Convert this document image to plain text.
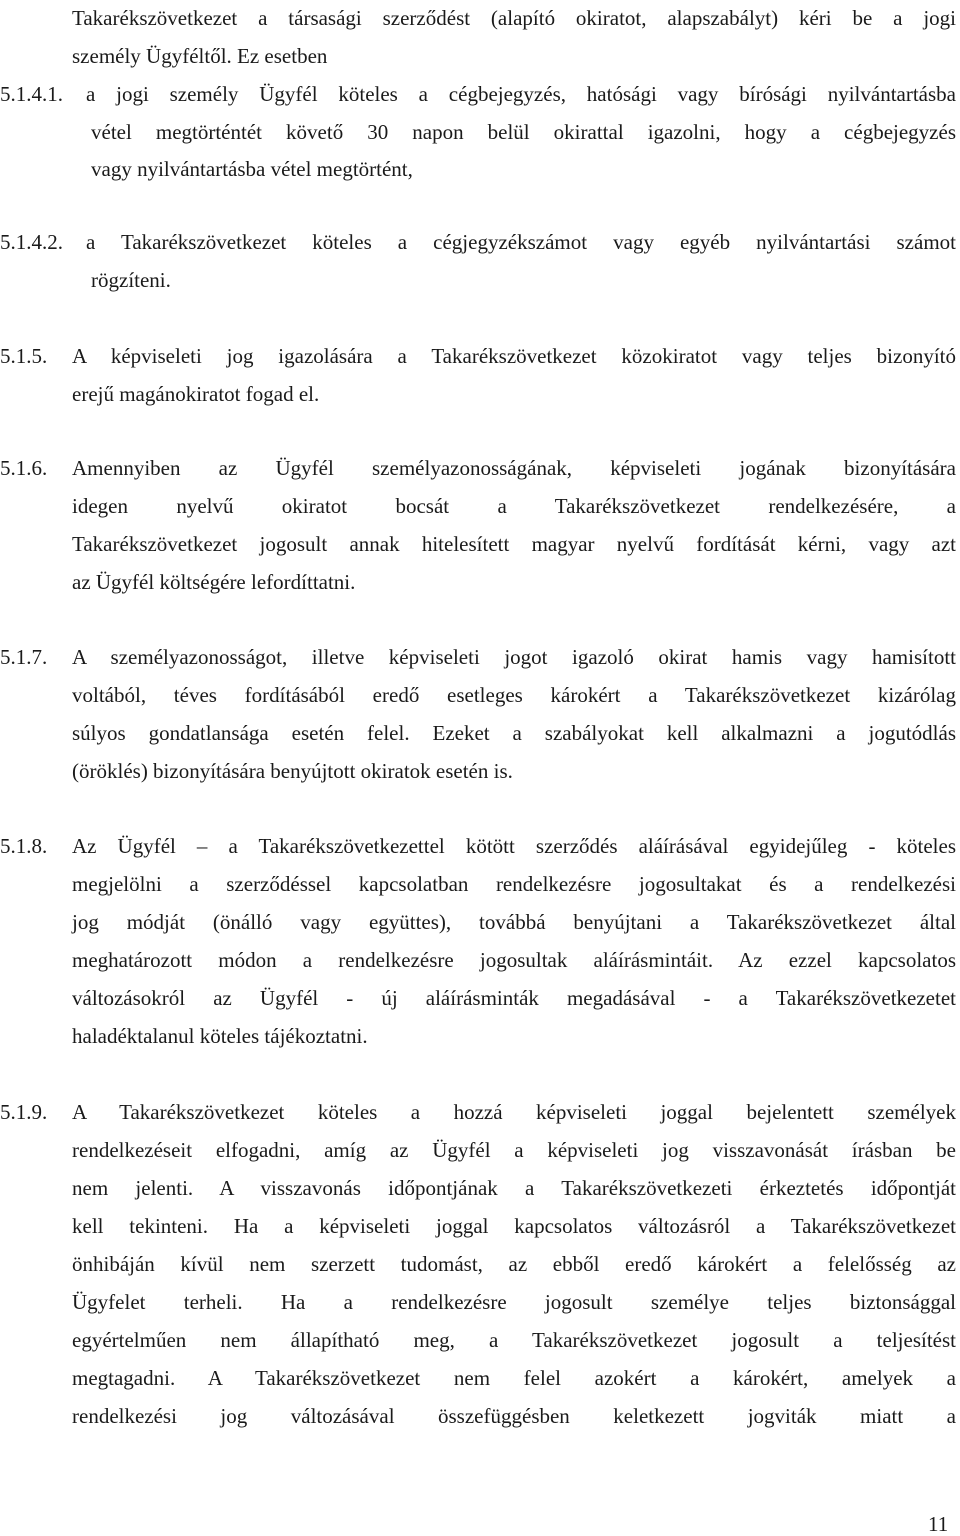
Takarékszövetkezet a társasági szerződést (alapító okiratot, alapszabályt) kéri be a jogi
személy Ügyféltől. Ez esetben
5.1.4.1. a jogi személy Ügyfél köteles a cégbejegyzés, hatósági vagy bírósági nyilvántartásba
vétel megtörténtét követő 30 napon belül okirattal igazolni, hogy a cégbejegyzés
vagy nyilvántartásba vétel megtörtént,
5.1.4.2. a Takarékszövetkezet köteles a cégjegyzékszámot vagy egyéb nyilvántartási számot
rögzíteni.
5.1.5. A képviseleti jog igazolására a Takarékszövetkezet közokiratot vagy teljes bizonyító
erejű magánokiratot fogad el.
5.1.6. Amennyiben az Ügyfél személyazonosságának, képviseleti jogának bizonyítására
idegen nyelvű okiratot bocsát a Takarékszövetkezet rendelkezésére, a
Takarékszövetkezet jogosult annak hitelesített magyar nyelvű fordítását kérni, vagy azt
az Ügyfél költségére lefordíttatni.
5.1.7. A személyazonosságot, illetve képviseleti jogot igazoló okirat hamis vagy hamisított
voltából, téves fordításából eredő esetleges károkért a Takarékszövetkezet kizárólag
súlyos gondatlansága esetén felel. Ezeket a szabályokat kell alkalmazni a jogutódlás
(öröklés) bizonyítására benyújtott okiratok esetén is.
5.1.8. Az Ügyfél – a Takarékszövetkezettel kötött szerződés aláírásával egyidejűleg - köteles
megjelölni a szerződéssel kapcsolatban rendelkezésre jogosultakat és a rendelkezési
jog módját (önálló vagy együttes), továbbá benyújtani a Takarékszövetkezet által
meghatározott módon a rendelkezésre jogosultak aláírásmintáit. Az ezzel kapcsolatos
változásokról az Ügyfél - új aláírásminták megadásával - a Takarékszövetkezetet
haladéktalanul köteles tájékoztatni.
5.1.9. A Takarékszövetkezet köteles a hozzá képviseleti joggal bejelentett személyek
rendelkezéseit elfogadni, amíg az Ügyfél a képviseleti jog visszavonását írásban be
nem jelenti. A visszavonás időpontjának a Takarékszövetkezeti érkeztetés időpontját
kell tekinteni. Ha a képviseleti joggal kapcsolatos változásról a Takarékszövetkezet
önhibáján kívül nem szerzett tudomást, az ebből eredő károkért a felelősség az
Ügyfelet terheli. Ha a rendelkezésre jogosult személye teljes biztonsággal
egyértelműen nem állapítható meg, a Takarékszövetkezet jogosult a teljesítést
megtagadni. A Takarékszövetkezet nem felel azokért a károkért, amelyek a
rendelkezési jog változásával összefüggésben keletkezett jogviták miatt a
11
